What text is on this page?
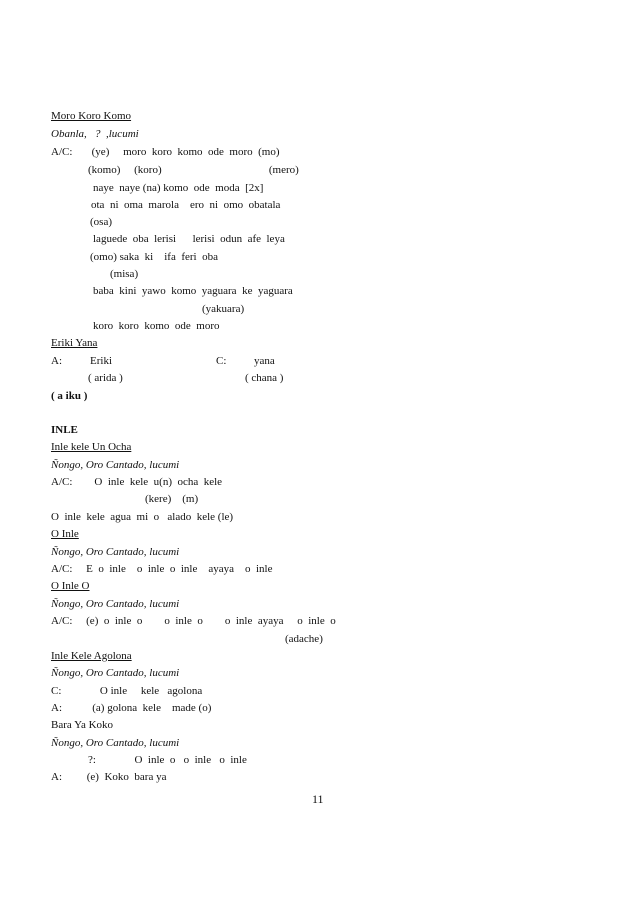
Moro Koro Komo
Obanla,   ?  ,lucumi
A/C:       (ye)     moro  koro  komo  ode  moro  (mo)
(komo)     (koro)                                       (mero)
naye  naye (na) komo  ode  moda  [2x]
ota  ni  oma  marola    ero  ni  omo  obatala
(osa)
laguede  oba  lerisi      lerisi  odun  afe  leya
(omo) saka  ki    ifa  feri  oba
(misa)
baba  kini  yawo  komo  yaguara  ke  yaguara
(yakuara)
koro  koro  komo  ode  moro
Eriki Yana
A:	Eriki	C:	yana
( arida )	( chana )
( a iku )
INLE
Inle kele Un Ocha
Ñongo, Oro Cantado, lucumi
A/C:        O  inle  kele  u(n)  ocha  kele
(kere)    (m)
O  inle  kele  agua  mi  o   alado  kele (le)
O Inle
Ñongo, Oro Cantado, lucumi
A/C:     E  o  inle    o  inle  o  inle    ayaya    o  inle
O Inle O
Ñongo, Oro Cantado, lucumi
A/C:     (e)  o  inle  o        o  inle  o        o  inle  ayaya     o  inle  o
(adache)
Inle Kele Agolona
Ñongo, Oro Cantado, lucumi
C:              O inle     kele   agolona
A:           (a) golona  kele    made (o)
Bara Ya Koko
Ñongo, Oro Cantado, lucumi
?:              O  inle  o   o  inle   o  inle
A:         (e)  Koko  bara ya
11
